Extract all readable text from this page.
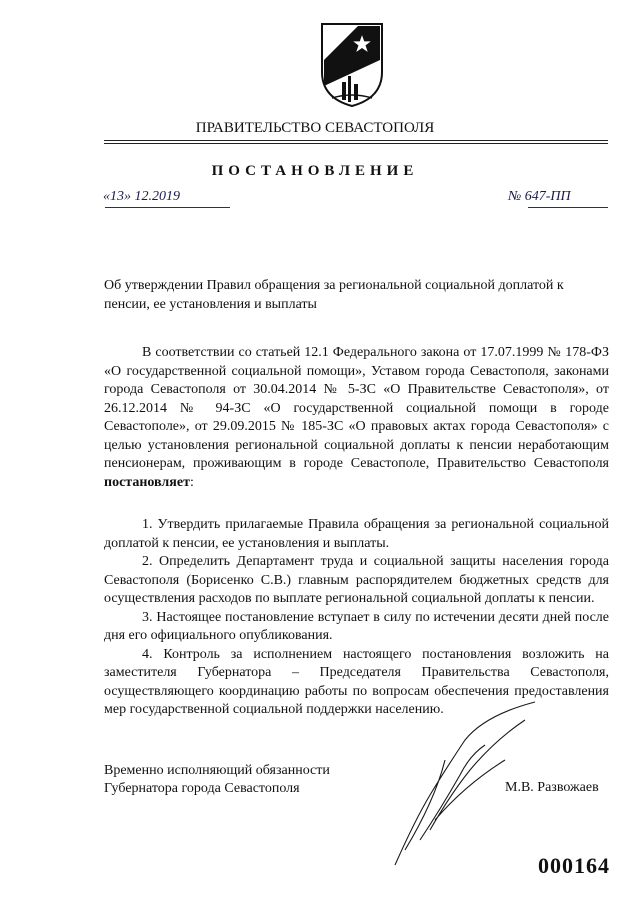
ПРАВИТЕЛЬСТВО СЕВАСТОПОЛЯ
ПОСТАНОВЛЕНИЕ
«13» 12.2019	№ 647-ПП
Об утверждении Правил обращения за региональной социальной доплатой к пенсии, ее установления и выплаты

В соответствии со статьей 12.1 Федерального закона от 17.07.1999 № 178-ФЗ «О государственной социальной помощи», Уставом города Севастополя, законами города Севастополя от 30.04.2014 № 5-ЗС «О Правительстве Севастополя», от 26.12.2014 № 94-ЗС «О государственной социальной помощи в городе Севастополе», от 29.09.2015 № 185-ЗС «О правовых актах города Севастополя» с целью установления региональной социальной доплаты к пенсии неработающим пенсионерам, проживающим в городе Севастополе, Правительство Севастополя постановляет:

1. Утвердить прилагаемые Правила обращения за региональной социальной доплатой к пенсии, ее установления и выплаты.

2. Определить Департамент труда и социальной защиты населения города Севастополя (Борисенко С.В.) главным распорядителем бюджетных средств для осуществления расходов по выплате региональной социальной доплаты к пенсии.

3. Настоящее постановление вступает в силу по истечении десяти дней после дня его официального опубликования.

4. Контроль за исполнением настоящего постановления возложить на заместителя Губернатора – Председателя Правительства Севастополя, осуществляющего координацию работы по вопросам обеспечения предоставления мер государственной социальной поддержки населению.

Временно исполняющий обязанности
Губернатора города Севастополя	М.В. Развожаев
000164
